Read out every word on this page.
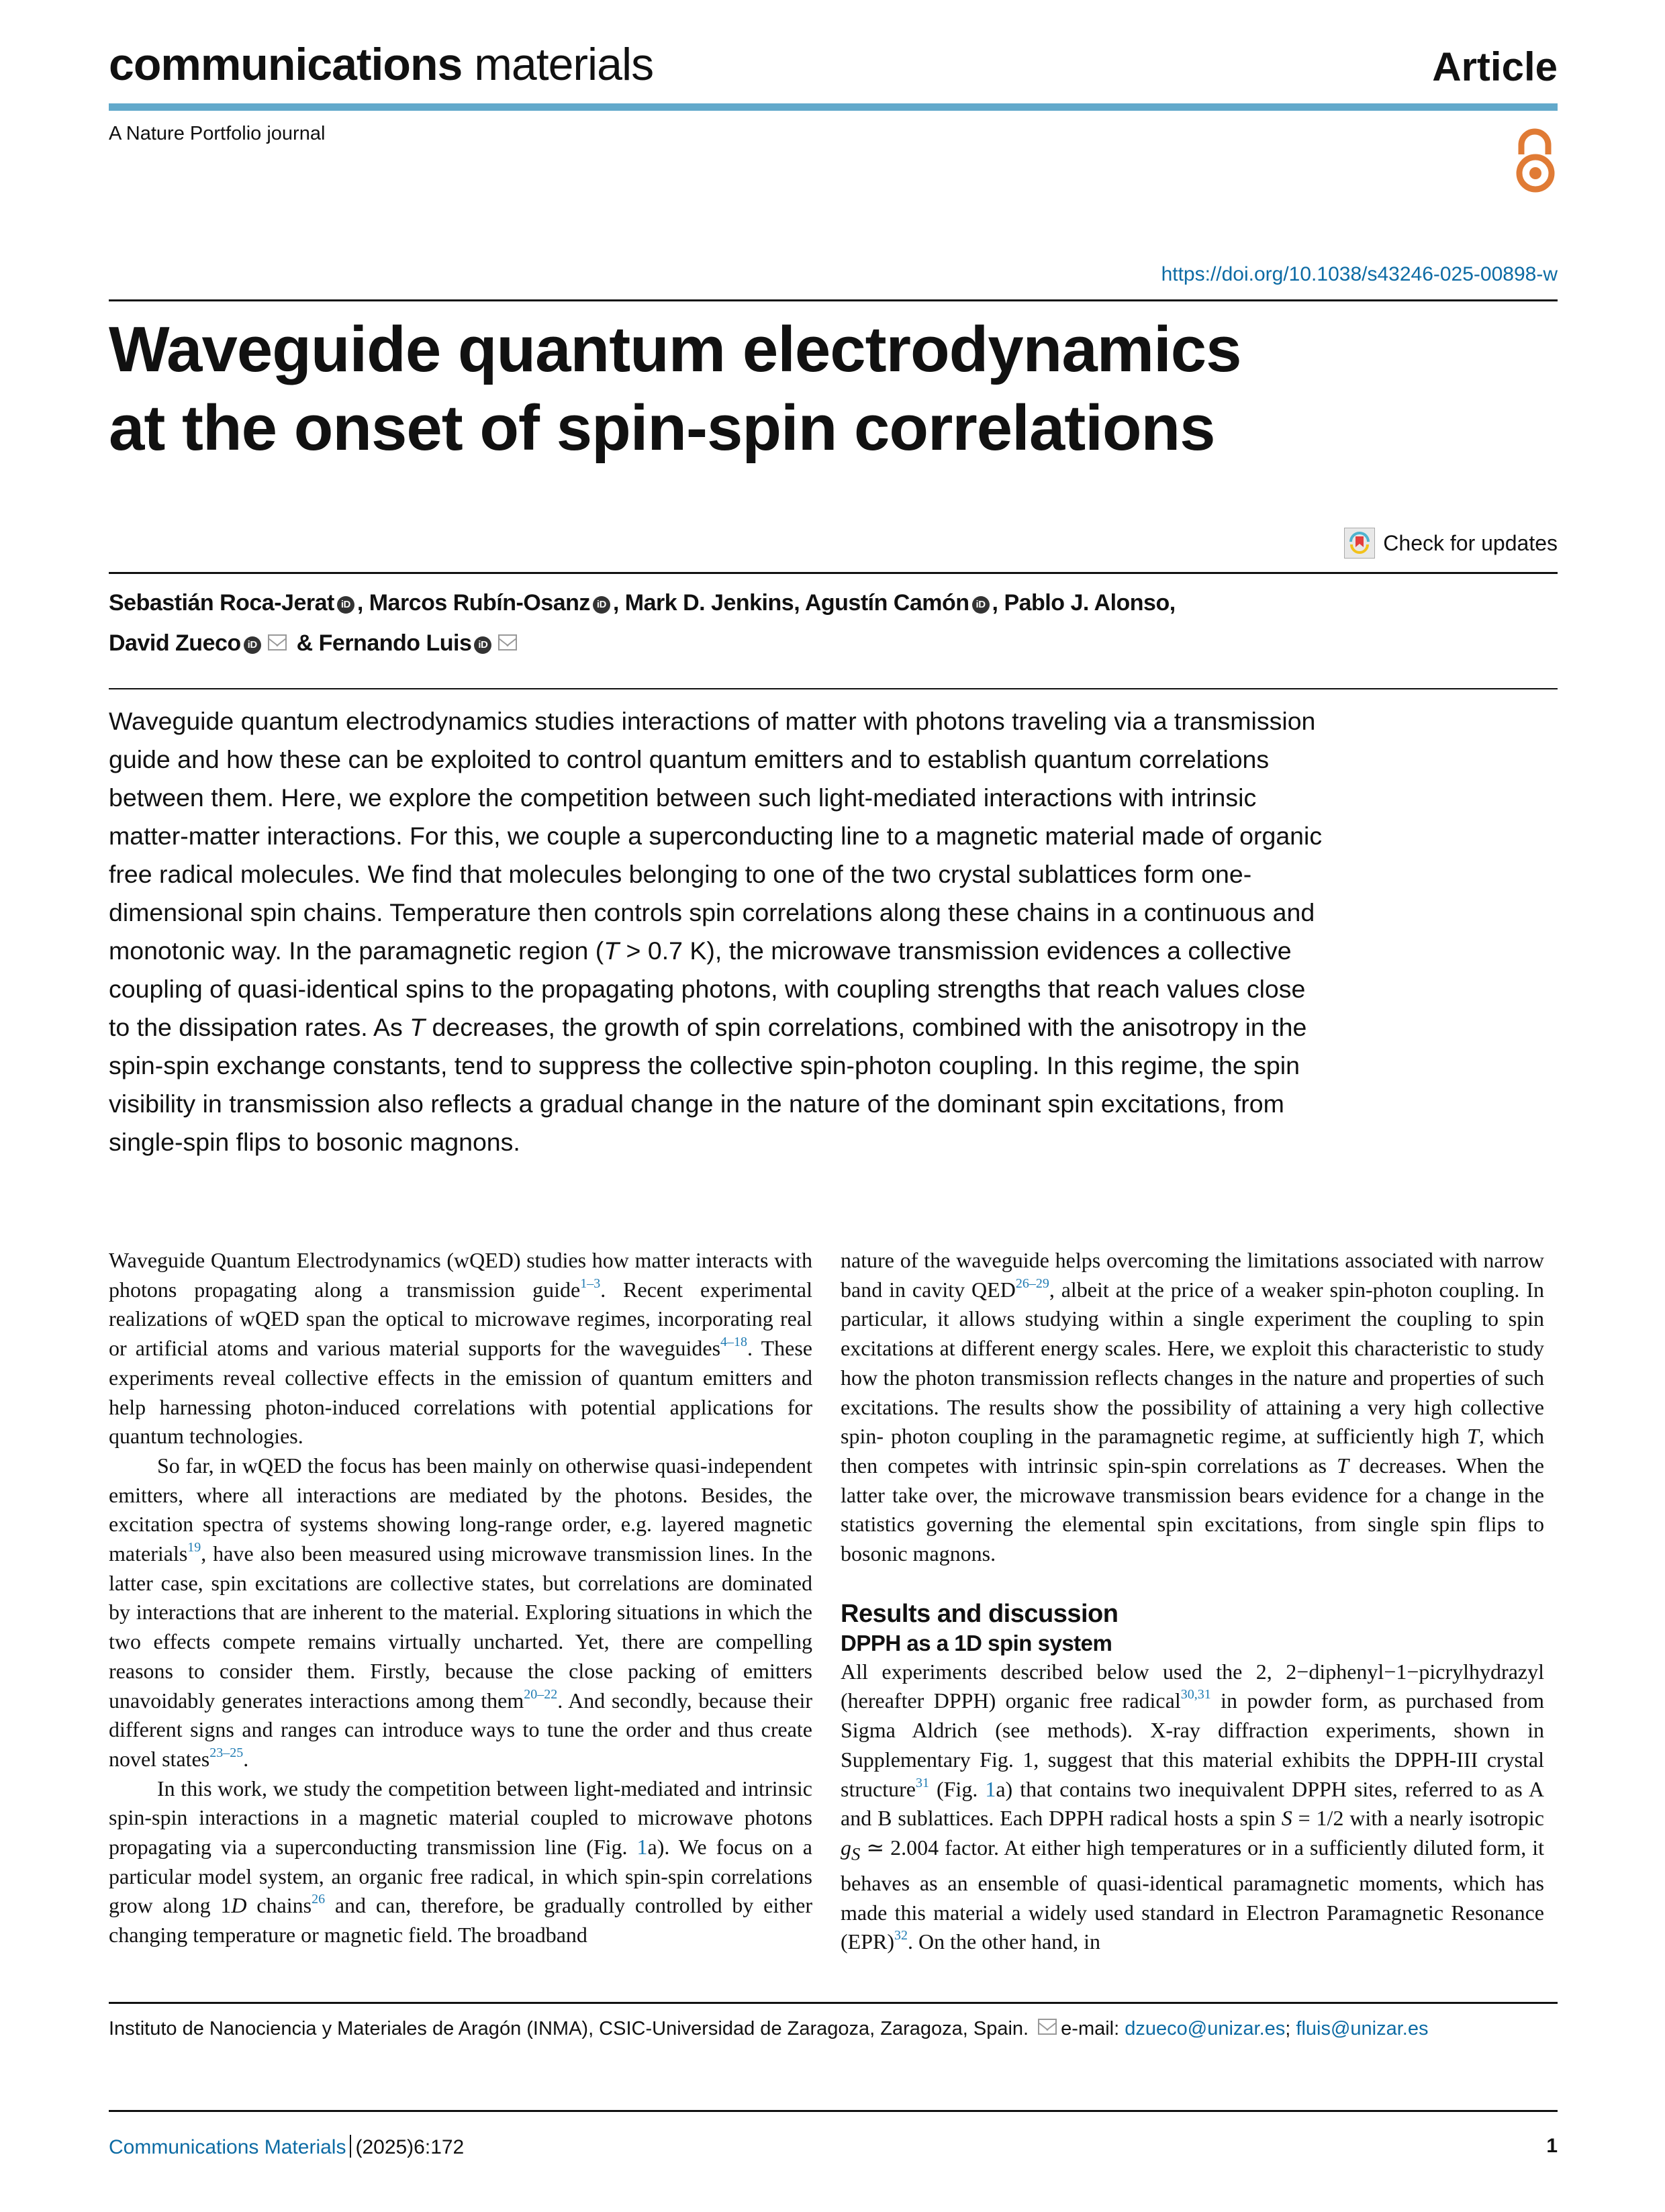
communications materials	Article
A Nature Portfolio journal
https://doi.org/10.1038/s43246-025-00898-w
Waveguide quantum electrodynamics
at the onset of spin-spin correlations
Check for updates
Sebastián Roca-Jerat iD , Marcos Rubín-Osanz iD , Mark D. Jenkins, Agustín Camón iD , Pablo J. Alonso,
David Zueco iD & Fernando Luis iD

Waveguide quantum electrodynamics studies interactions of matter with photons traveling via a transmission guide and how these can be exploited to control quantum emitters and to establish quantum correlations between them. Here, we explore the competition between such light-mediated interactions with intrinsic matter-matter interactions. For this, we couple a superconducting line to a magnetic material made of organic free radical molecules. We find that molecules belonging to one of the two crystal sublattices form one-dimensional spin chains. Temperature then controls spin correlations along these chains in a continuous and monotonic way. In the paramagnetic region (T > 0.7 K), the microwave transmission evidences a collective coupling of quasi-identical spins to the propagating photons, with coupling strengths that reach values close to the dissipation rates. As T decreases, the growth of spin correlations, combined with the anisotropy in the spin-spin exchange constants, tend to suppress the collective spin-photon coupling. In this regime, the spin visibility in transmission also reflects a gradual change in the nature of the dominant spin excitations, from single-spin flips to bosonic magnons.

Waveguide Quantum Electrodynamics (wQED) studies how matter interacts with photons propagating along a transmission guide$^{1-3}$. Recent experimental realizations of wQED span the optical to microwave regimes, incorporating real or artificial atoms and various material supports for the waveguides$^{4-18}$. These experiments reveal collective effects in the emission of quantum emitters and help harnessing photon-induced correlations with potential applications for quantum technologies.

So far, in wQED the focus has been mainly on otherwise quasi-independent emitters, where all interactions are mediated by the photons. Besides, the excitation spectra of systems showing long-range order, e.g. layered magnetic materials$^{19}$, have also been measured using microwave transmission lines. In the latter case, spin excitations are collective states, but correlations are dominated by interactions that are inherent to the material. Exploring situations in which the two effects compete remains virtually uncharted. Yet, there are compelling reasons to consider them. Firstly, because the close packing of emitters unavoidably generates interactions among them$^{20-22}$. And secondly, because their different signs and ranges can introduce ways to tune the order and thus create novel states$^{23-25}$.

In this work, we study the competition between light-mediated and intrinsic spin-spin interactions in a magnetic material coupled to microwave photons propagating via a superconducting transmission line (Fig. 1a). We focus on a particular model system, an organic free radical, in which spin-spin correlations grow along 1D chains$^{26}$ and can, therefore, be gradually controlled by either changing temperature or magnetic field. The broadband

nature of the waveguide helps overcoming the limitations associated with narrow band in cavity QED$^{26-29}$, albeit at the price of a weaker spin-photon coupling. In particular, it allows studying within a single experiment the coupling to spin excitations at different energy scales. Here, we exploit this characteristic to study how the photon transmission reflects changes in the nature and properties of such excitations. The results show the possibility of attaining a very high collective spin- photon coupling in the paramagnetic regime, at sufficiently high T, which then competes with intrinsic spin-spin correlations as T decreases. When the latter take over, the microwave transmission bears evidence for a change in the statistics governing the elemental spin excitations, from single spin flips to bosonic magnons.

Results and discussion
DPPH as a 1D spin system

All experiments described below used the 2, 2−diphenyl−1−picrylhydrazyl (hereafter DPPH) organic free radical$^{30,31}$ in powder form, as purchased from Sigma Aldrich (see methods). X-ray diffraction experiments, shown in Supplementary Fig. 1, suggest that this material exhibits the DPPH-III crystal structure$^{31}$ (Fig. 1a) that contains two inequivalent DPPH sites, referred to as A and B sublattices. Each DPPH radical hosts a spin S = 1/2 with a nearly isotropic $g_S$ ≃ 2.004 factor. At either high temperatures or in a sufficiently diluted form, it behaves as an ensemble of quasi-identical paramagnetic moments, which has made this material a widely used standard in Electron Paramagnetic Resonance (EPR)$^{32}$. On the other hand, in

Instituto de Nanociencia y Materiales de Aragón (INMA), CSIC-Universidad de Zaragoza, Zaragoza, Spain. e-mail: dzueco@unizar.es; fluis@unizar.es
Communications Materials (2025)6:172	1
